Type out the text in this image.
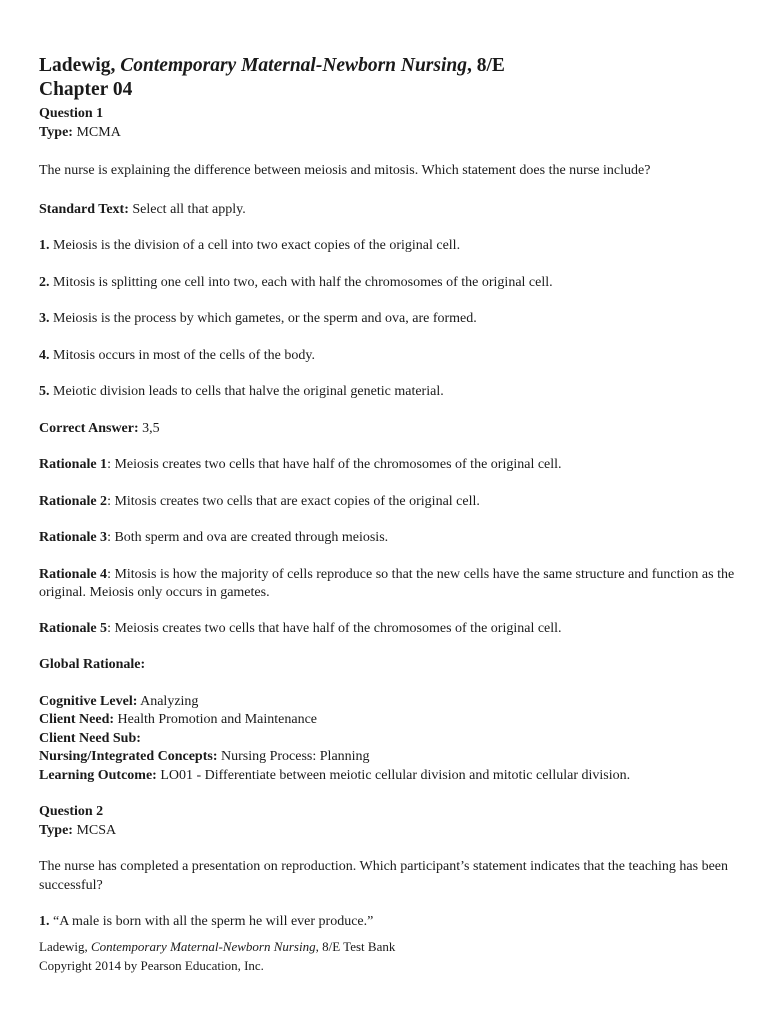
Ladewig, Contemporary Maternal-Newborn Nursing, 8/E
Chapter 04

Question 1

Type: MCMA

The nurse is explaining the difference between meiosis and mitosis. Which statement does the nurse include?

Standard Text: Select all that apply.

1. Meiosis is the division of a cell into two exact copies of the original cell.

2. Mitosis is splitting one cell into two, each with half the chromosomes of the original cell.

3. Meiosis is the process by which gametes, or the sperm and ova, are formed.

4. Mitosis occurs in most of the cells of the body.

5. Meiotic division leads to cells that halve the original genetic material.

Correct Answer: 3,5

Rationale 1: Meiosis creates two cells that have half of the chromosomes of the original cell.

Rationale 2: Mitosis creates two cells that are exact copies of the original cell.

Rationale 3: Both sperm and ova are created through meiosis.

Rationale 4: Mitosis is how the majority of cells reproduce so that the new cells have the same structure and function as the original. Meiosis only occurs in gametes.

Rationale 5: Meiosis creates two cells that have half of the chromosomes of the original cell.

Global Rationale:

Cognitive Level: Analyzing

Client Need: Health Promotion and Maintenance

Client Need Sub:

Nursing/Integrated Concepts: Nursing Process: Planning

Learning Outcome: LO01 - Differentiate between meiotic cellular division and mitotic cellular division.

Question 2

Type: MCSA

The nurse has completed a presentation on reproduction. Which participant’s statement indicates that the teaching has been successful?

1. “A male is born with all the sperm he will ever produce.”

Ladewig, Contemporary Maternal-Newborn Nursing, 8/E Test Bank
Copyright 2014 by Pearson Education, Inc.
